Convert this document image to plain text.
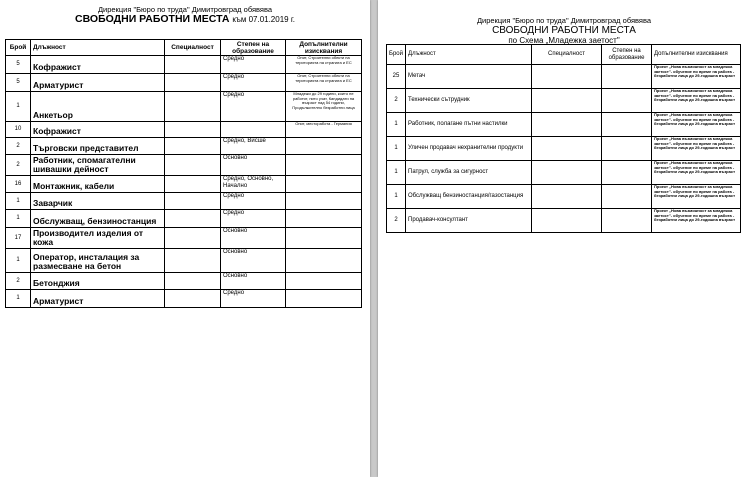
Дирекция "Бюро по труда" Димитровград обявява
СВОБОДНИ РАБОТНИ МЕСТА към 07.01.2019 г.
Брой	Длъжност	Специалност	Степен на образование	Допълнителни изисквания
5	Кофражист		Средно	Опит, Строителни обекти на територията на страната и ЕС
5	Арматурист		Средно	Опит, Строителни обекти на територията на страната и ЕС
1	Анкетьор		Средно	Младежи до 29 години, които не работят, нито учат, Кандидати на възраст над 54 години, Продължително безработни лица
10	Кофражист			Опит, месторабота - Германия
2	Търговски представител		Средно, Висше	
2	Работник, спомагателни шивашки дейност		Основно	
16	Монтажник, кабели		Средно, Основно, Начално	
1	Заварчик		Средно	
1	Обслужващ, бензиностанция		Средно	
17	Производител изделия от кожа		Основно	
1	Оператор, инсталация за размесване на бетон		Основно	
2	Бетонджия		Основно	
1	Арматурист		Средно	
Дирекция "Бюро по труда" Димитровград обявява
СВОБОДНИ РАБОТНИ МЕСТА
по Схема „Младежка заетост"
Брой	Длъжност	Специалност	Степен на образование	Допълнителни изисквания
25	Метач			Проект „Нова възможност за младежка заетост"- обучение по време на работа - безработни лица до 29-годишна възраст
2	Технически сътрудник			Проект „Нова възможност за младежка заетост"- обучение по време на работа - безработни лица до 29-годишна възраст
1	Работник, полагане пътни настилки			Проект „Нова възможност за младежка заетост"- обучение по време на работа - безработни лица до 29-годишна възраст
1	Уличен продавач нехранителни продукти			Проект „Нова възможност за младежка заетост"- обучение по време на работа - безработни лица до 29-годишна възраст
1	Патрул, служба за сигурност			Проект „Нова възможност за младежка заетост"- обучение по време на работа - безработни лица до 29-годишна възраст
1	Обслужващ бензиностанция/газостанция			Проект „Нова възможност за младежка заетост"- обучение по време на работа - безработни лица до 29-годишна възраст
2	Продавач-консултант			Проект „Нова възможност за младежка заетост"- обучение по време на работа - безработни лица до 29-годишна възраст
